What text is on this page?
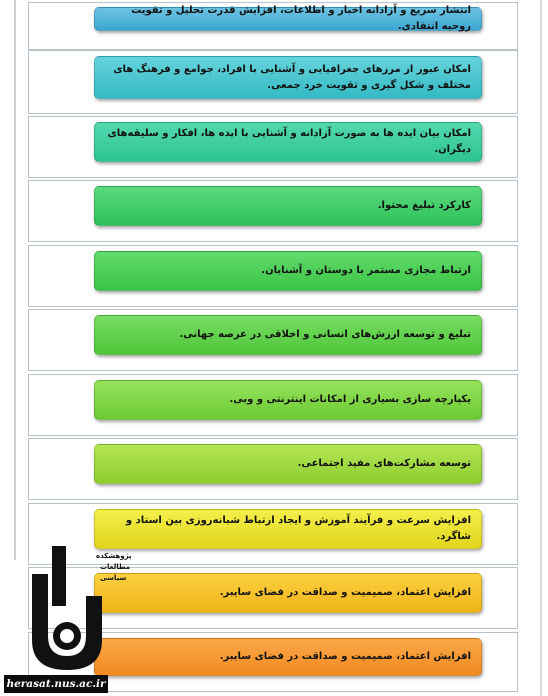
انتشار سریع و آزادانه اخبار و اطلاعات، افزایش قدرت تحلیل و تقویت روحیه انتقادی.
امکان عبور از مرزهای جغرافیایی و آشنایی با افراد، جوامع و فرهنگ های مختلف و شکل گیری و تقویت خرد جمعی.
امکان بیان ایده ها به صورت آزادانه و آشنایی با ایده ها، افکار و سلیقه‌های دیگران.
کارکرد تبلیغ محتوا.
ارتباط مجازی مستمر با دوستان و آشنایان.
تبلیغ و توسعه ارزش‌های انسانی و اخلاقی در عرصه جهانی.
یکپارچه سازی بسیاری از امکانات اینترنتی و وبی.
توسعه مشارکت‌های مفید اجتماعی.
افزایش سرعت و فرآیند آموزش و ایجاد ارتباط شبانه‌روزی بین استاد و شاگرد.
افزایش اعتماد، صمیمیت و صداقت در فضای سایبر.
افزایش اعتماد، صمیمیت و صداقت در فضای سایبر.
پژوهشکده
مطالعات
سیاسی
herasat.nus.ac.ir
